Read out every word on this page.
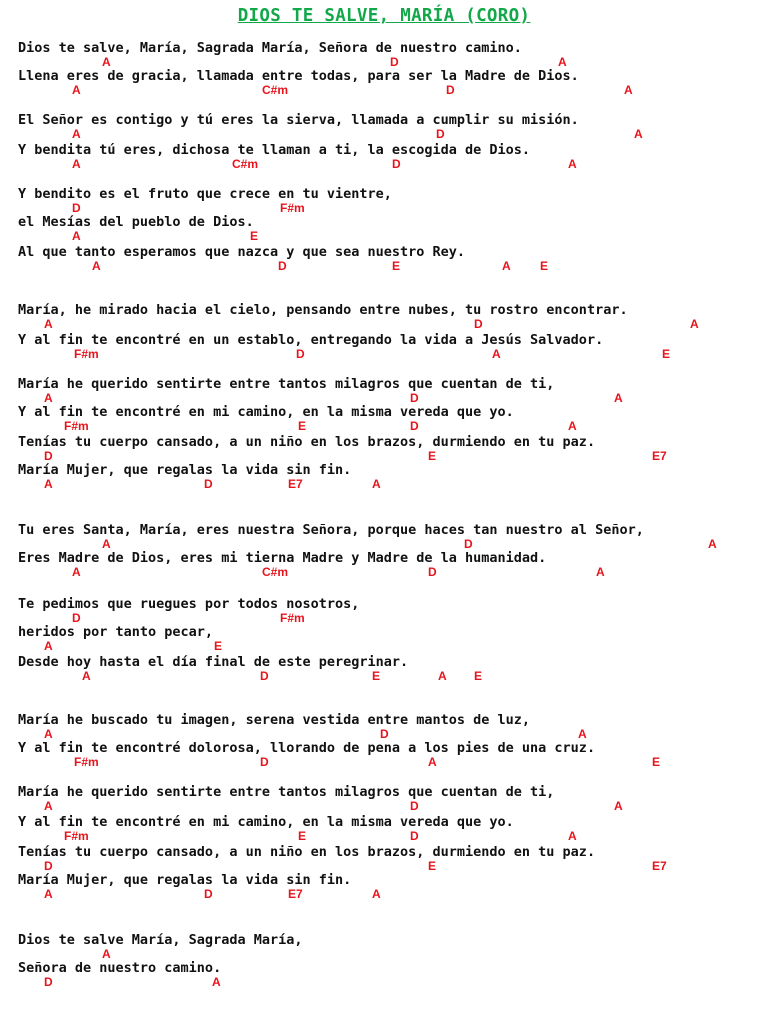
DIOS TE SALVE, MARÍA (CORO)
Dios te salve, María, Sagrada María, Señora de nuestro camino.
A	D	A
Llena eres de gracia, llamada entre todas, para ser la Madre de Dios.
A	C#m	D	A
El Señor es contigo y tú eres la sierva, llamada a cumplir su misión.
A	D	A
Y bendita tú eres, dichosa te llaman a ti, la escogida de Dios.
A	C#m	D	A
Y bendito es el fruto que crece en tu vientre,
D	F#m
el Mesías del pueblo de Dios.
A	E
Al que tanto esperamos que nazca y que sea nuestro Rey.
A	D	E	A E
María, he mirado hacia el cielo, pensando entre nubes, tu rostro encontrar.
A	D	A
Y al fin te encontré en un establo, entregando la vida a Jesús Salvador.
F#m	D	A	E
María he querido sentirte entre tantos milagros que cuentan de ti,
A	D	A
Y al fin te encontré en mi camino, en la misma vereda que yo.
F#m	E	D	A
Tenías tu cuerpo cansado, a un niño en los brazos, durmiendo en tu paz.
D	E	E7
María Mujer, que regalas la vida sin fin.
A	D	E7	A
Tu eres Santa, María, eres nuestra Señora, porque haces tan nuestro al Señor,
A	D	A
Eres Madre de Dios, eres mi tierna Madre y Madre de la humanidad.
A	C#m	D	A
Te pedimos que ruegues por todos nosotros,
D	F#m
heridos por tanto pecar,
A	E
Desde hoy hasta el día final de este peregrinar.
A	D	E	A E
María he buscado tu imagen, serena vestida entre mantos de luz,
A	D	A
Y al fin te encontré dolorosa, llorando de pena a los pies de una cruz.
F#m	D	A	E
María he querido sentirte entre tantos milagros que cuentan de ti,
A	D	A
Y al fin te encontré en mi camino, en la misma vereda que yo.
F#m	E	D	A
Tenías tu cuerpo cansado, a un niño en los brazos, durmiendo en tu paz.
D	E	E7
María Mujer, que regalas la vida sin fin.
A	D	E7	A
Dios te salve María, Sagrada María,
A
Señora de nuestro camino.
D	A
